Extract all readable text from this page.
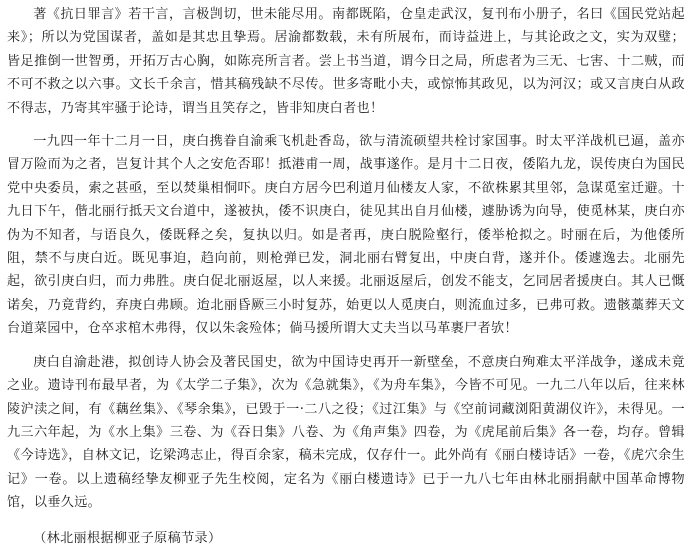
著《抗日罪言》若干言，言极剀切，世未能尽用。南都既陷，仓皇走武汉，复刊布小册子，名曰《国民党站起来》；所以为党国谋者，盖如是其忠且挚焉。居渝都数载，未有所展布，而诗益进上，与其论政之文，实为双璧；皆足推倒一世智勇，开拓万古心胸，如陈亮所言者。尝上书当道，谓今日之局，所虑者为三无、七害、十二贼，而不可不救之以六事。文长千余言，惜其稿残缺不尽传。世多寄毗小夫，或惊怖其政见，以为河汉；或又言庚白从政不得志，乃寄其牢骚于论诗，谓当且笑存之，皆非知庚白者也！

一九四一年十二月一日，庚白携眷自渝乘飞机赴香岛，欲与清流硕望共栓讨家国事。时太平洋战机已逼，盖亦冒万险而为之者，岂复计其个人之安危否耶！抵港甫一周，战事遂作。是月十二日夜，倭陷九龙，误传庚白为国民党中央委员，索之甚亟，至以焚巢相恫吓。庚白方居今巴利道月仙楼友人家，不欲株累其里邻，急谋觅室迁避。十九日下午，偕北丽行抵天文台道中，遂被执，倭不识庚白，徒见其出自月仙楼，遽胁诱为向导，使觅林某，庚白亦伪为不知者，与语良久，倭既释之矣，复执以归。如是者再，庚白脱险壑行，倭举枪拟之。时丽在后，为他倭所阻，禁不与庚白近。既见事迫，趋向前，则枪弹已发，洞北丽右臂复出，中庚白背，遂并仆。倭遽逸去。北丽先起，欲引庚白归，而力弗胜。庚白促北丽返屋，以人来援。北丽返屋后，创发不能支，乞同居者援庚白。其人已慨诺矣，乃竟背约，弃庚白弗顾。迨北丽昏厥三小时复苏，始更以人觅庚白，则流血过多，已弗可救。遗骸藁葬天文台道菜园中，仓卒求棺木弗得，仅以朱衾殓体；倘马援所谓大丈夫当以马革裹尸者欤！

庚白自渝赴港，拟创诗人协会及著民国史，欲为中国诗史再开一新壁垒，不意庚白殉难太平洋战争，遂成未竟之业。遗诗刊布最早者，为《太学二子集》，次为《急就集》，《为舟车集》，今皆不可见。一九二八年以后，往来林陵沪渎之间，有《藕丝集》、《琴余集》，已毁于一·二八之役；《过江集》与《空前词藏浏阳黄湖仪许》，未得见。一九三六年起，为《水上集》三卷、为《吞日集》八卷、为《角声集》四卷，为《虎尾前后集》各一卷，均存。曾辑《今诗选》，自林文记，讫梁鸿志止，得百余家，稿未完成，仅存什一。此外尚有《丽白楼诗话》一卷，《虎穴余生记》一卷。以上遗稿经挚友柳亚子先生校阅，定名为《丽白楼遗诗》已于一九八七年由林北丽捐献中国革命博物馆，以垂久远。

（林北丽根据柳亚子原稿节录）
